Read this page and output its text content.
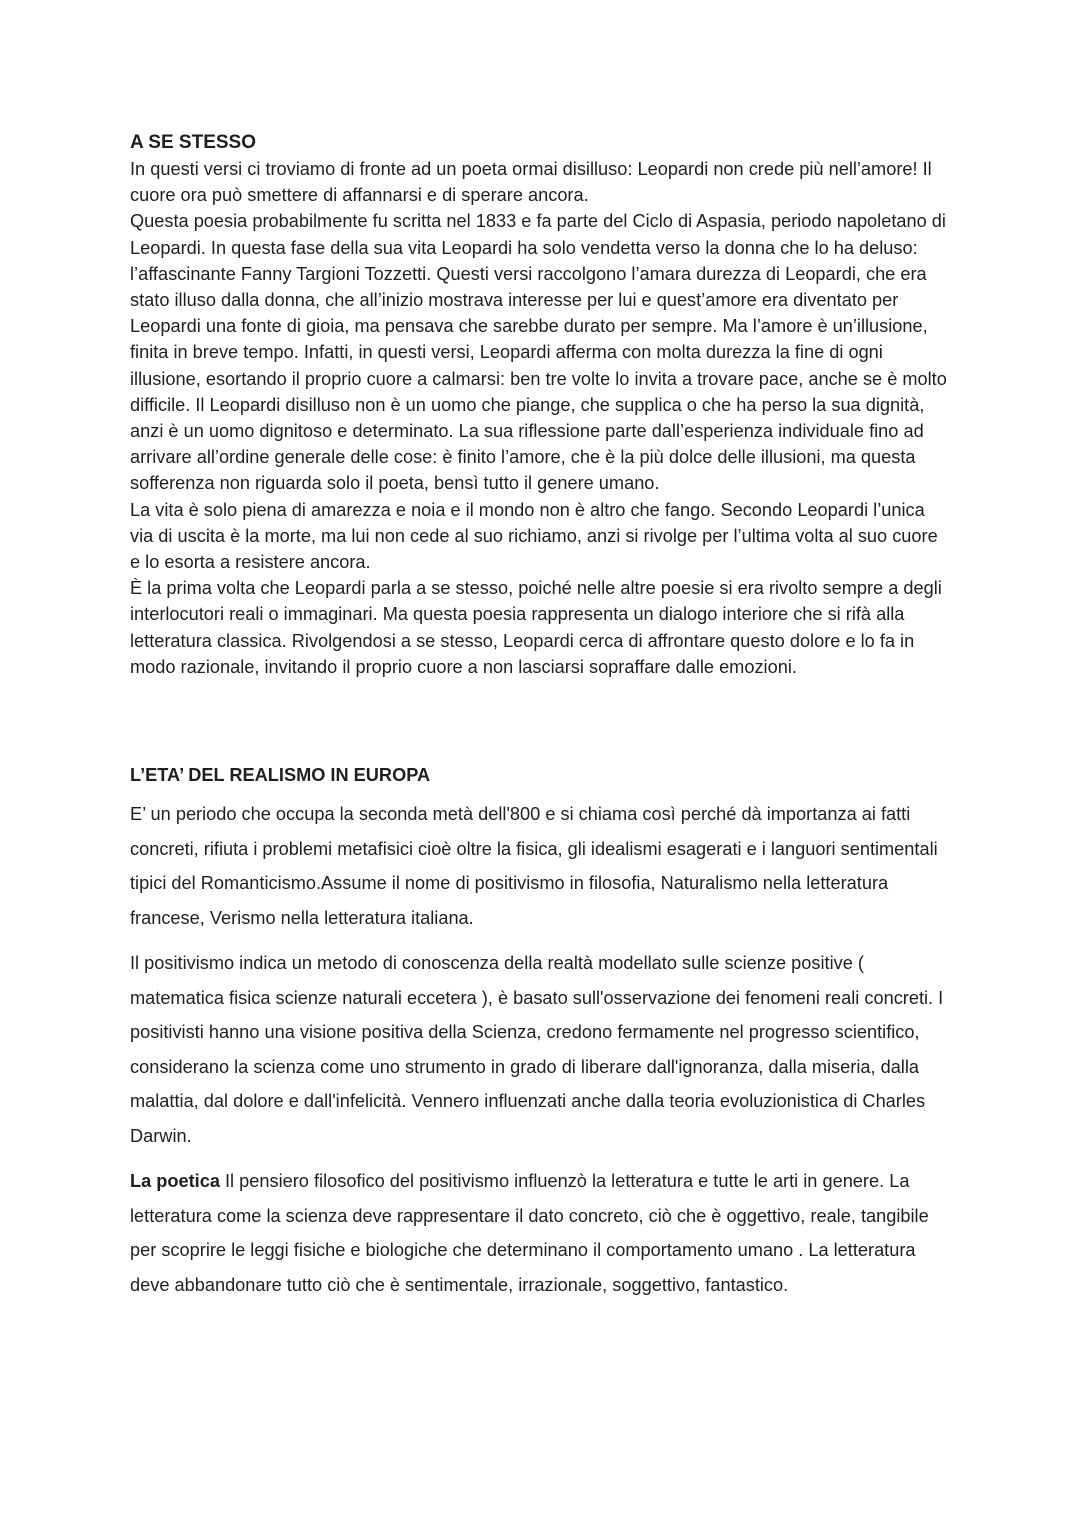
A SE STESSO

In questi versi ci troviamo di fronte ad un poeta ormai disilluso: Leopardi non crede più nell’amore! Il cuore ora può smettere di affannarsi e di sperare ancora.

Questa poesia probabilmente fu scritta nel 1833 e fa parte del Ciclo di Aspasia, periodo napoletano di Leopardi. In questa fase della sua vita Leopardi ha solo vendetta verso la donna che lo ha deluso: l’affascinante Fanny Targioni Tozzetti. Questi versi raccolgono l’amara durezza di Leopardi, che era stato illuso dalla donna, che all’inizio mostrava interesse per lui e quest’amore era diventato per Leopardi una fonte di gioia, ma pensava che sarebbe durato per sempre. Ma l’amore è un’illusione, finita in breve tempo. Infatti, in questi versi, Leopardi afferma con molta durezza la fine di ogni illusione, esortando il proprio cuore a calmarsi: ben tre volte lo invita a trovare pace, anche se è molto difficile. Il Leopardi disilluso non è un uomo che piange, che supplica o che ha perso la sua dignità, anzi è un uomo dignitoso e determinato. La sua riflessione parte dall’esperienza individuale fino ad arrivare all’ordine generale delle cose: è finito l’amore, che è la più dolce delle illusioni, ma questa sofferenza non riguarda solo il poeta, bensì tutto il genere umano.

La vita è solo piena di amarezza e noia e il mondo non è altro che fango. Secondo Leopardi l’unica via di uscita è la morte, ma lui non cede al suo richiamo, anzi si rivolge per l’ultima volta al suo cuore e lo esorta a resistere ancora.

È la prima volta che Leopardi parla a se stesso, poiché nelle altre poesie si era rivolto sempre a degli interlocutori reali o immaginari. Ma questa poesia rappresenta un dialogo interiore che si rifà alla letteratura classica. Rivolgendosi a se stesso, Leopardi cerca di affrontare questo dolore e lo fa in modo razionale, invitando il proprio cuore a non lasciarsi sopraffare dalle emozioni.

L’ETA’ DEL REALISMO IN EUROPA

E’ un periodo che occupa la seconda metà dell'800 e si chiama così perché dà importanza ai fatti concreti, rifiuta i problemi metafisici cioè oltre la fisica, gli idealismi esagerati e i languori sentimentali tipici del Romanticismo.Assume il nome di positivismo in filosofia, Naturalismo nella letteratura francese, Verismo nella letteratura italiana.

Il positivismo indica un metodo di conoscenza della realtà modellato sulle scienze positive ( matematica fisica scienze naturali eccetera ), è basato sull'osservazione dei fenomeni reali concreti. I positivisti hanno una visione positiva della Scienza, credono fermamente nel progresso scientifico, considerano la scienza come uno strumento in grado di liberare dall'ignoranza, dalla miseria, dalla malattia, dal dolore e dall'infelicità. Vennero influenzati anche dalla teoria evoluzionistica di Charles Darwin.

La poetica Il pensiero filosofico del positivismo influenzò la letteratura e tutte le arti in genere. La letteratura come la scienza deve rappresentare il dato concreto, ciò che è oggettivo, reale, tangibile per scoprire le leggi fisiche e biologiche che determinano il comportamento umano . La letteratura deve abbandonare tutto ciò che è sentimentale, irrazionale, soggettivo, fantastico.
